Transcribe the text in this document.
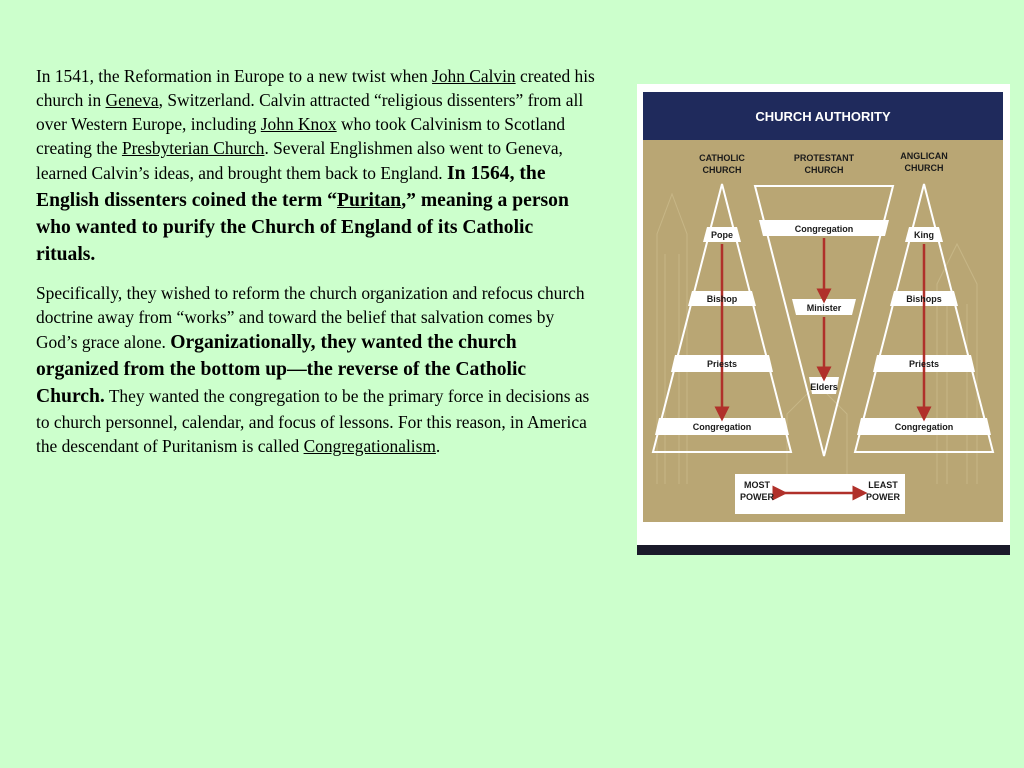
In 1541, the Reformation in Europe to a new twist when John Calvin created his church in Geneva, Switzerland. Calvin attracted “religious dissenters” from all over Western Europe, including John Knox who took Calvinism to Scotland creating the Presbyterian Church. Several Englishmen also went to Geneva, learned Calvin’s ideas, and brought them back to England. In 1564, the English dissenters coined the term “Puritan,” meaning a person who wanted to purify the Church of England of its Catholic rituals.

Specifically, they wished to reform the church organization and refocus church doctrine away from “works” and toward the belief that salvation comes by God’s grace alone. Organizationally, they wanted the church organized from the bottom up—the reverse of the Catholic Church. They wanted the congregation to be the primary force in decisions as to church personnel, calendar, and focus of lessons. For this reason, in America the descendant of Puritanism is called Congregationalism.

CHURCH AUTHORITY
CATHOLIC
CHURCH
PROTESTANT
CHURCH
ANGLICAN
CHURCH
Pope
Bishop
Priests
Congregation
Congregation
Minister
Elders
King
Bishops
Priests
Congregation
MOST
POWER
LEAST
POWER
